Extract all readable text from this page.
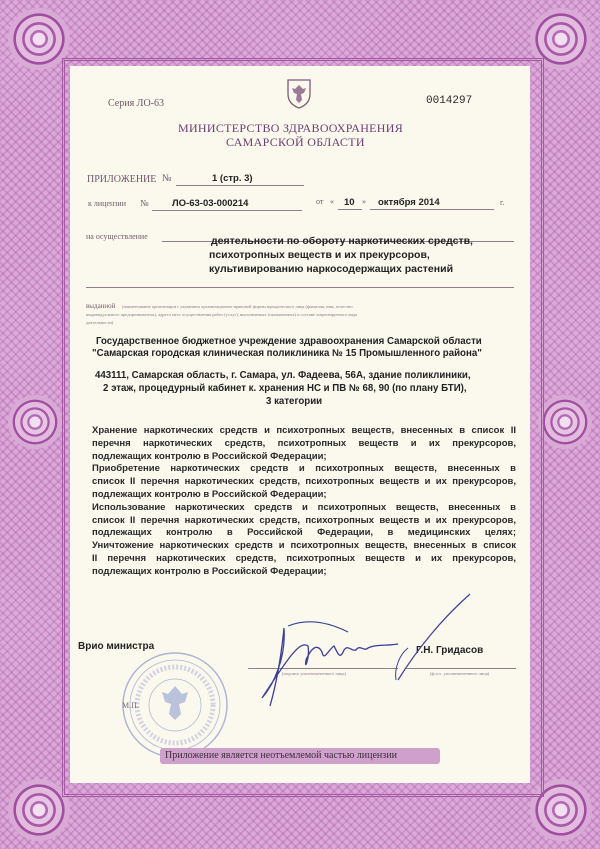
Серия ЛО-63	0014297
МИНИСТЕРСТВО ЗДРАВООХРАНЕНИЯ
САМАРСКОЙ ОБЛАСТИ
ПРИЛОЖЕНИЕ №	1 (стр. 3)
к лицензии № ЛО-63-03-000214	от « 10 » октября 2014	г.
на осуществление	деятельности по обороту наркотических средств,
психотропных веществ и их прекурсоров,
культивированию наркосодержащих растений
выданной (наименование организации с указанием организационно-правовой формы юридического лица (фамилия, имя, отчество
индивидуального предпринимателя), адреса мест осуществления работ (услуг), выполняемых (оказываемых) в составе лицензируемого вида
деятельности)
Государственное бюджетное учреждение здравоохранения Самарской области
"Самарская городская клиническая поликлиника № 15 Промышленного района"
443111, Самарская область, г. Самара, ул. Фадеева, 56А, здание поликлиники,
2 этаж, процедурный кабинет к. хранения НС и ПВ № 68, 90 (по плану БТИ),
3 категории
Хранение наркотических средств и психотропных веществ, внесенных в список II
перечня наркотических средств, психотропных веществ и их прекурсоров,
подлежащих контролю в Российской Федерации;
Приобретение наркотических средств и психотропных веществ, внесенных в
список II перечня наркотических средств, психотропных веществ и их прекурсоров,
подлежащих контролю в Российской Федерации;
Использование наркотических средств и психотропных веществ, внесенных в
список II перечня наркотических средств, психотропных веществ и их прекурсоров,
подлежащих контролю в Российской Федерации, в медицинских целях;
Уничтожение наркотических средств и психотропных веществ, внесенных в список
II перечня наркотических средств, психотропных веществ и их прекурсоров,
подлежащих контролю в Российской Федерации;
М.П.
Врио министра
(подпись уполномоченного лица)
Г.Н. Гридасов
(ф.и.о. уполномоченного лица)
Приложение является неотъемлемой частью лицензии
